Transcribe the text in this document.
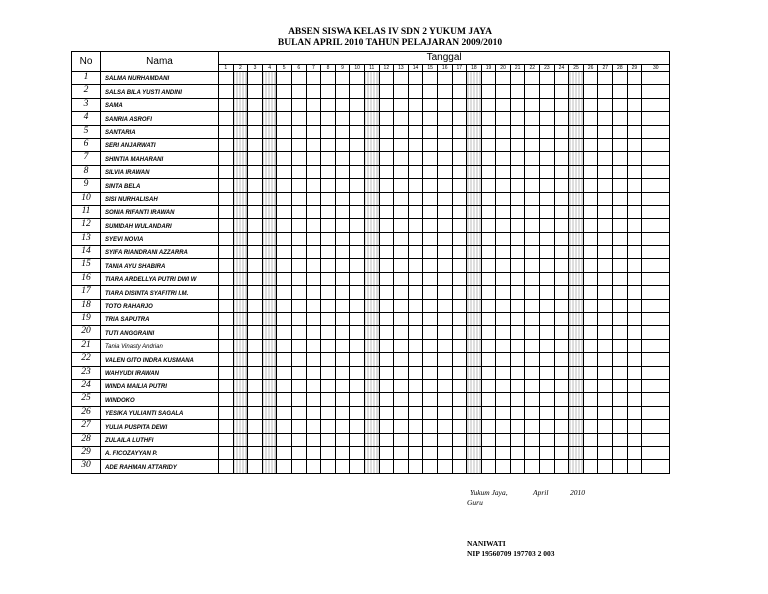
ABSEN SISWA KELAS IV SDN 2 YUKUM JAYA
BULAN APRIL 2010 TAHUN PELAJARAN 2009/2010
No	Nama	Tanggal																													
		1	2	3	4	5	6	7	8	9	10	11	12	13	14	15	16	17	18	19	20	21	22	23	24	25	26	27	28	29	30
1	SALMA NURHAMDANI																														
2	SALSA BILA YUSTI ANDINI																														
3	SAMA																														
4	SANRIA ASROFI																														
5	SANTARIA																														
6	SERI ANJARWATI																														
7	SHINTIA MAHARANI																														
8	SILVIA IRAWAN																														
9	SINTA BELA																														
10	SISI NURHALISAH																														
11	SONIA RIFANTI IRAWAN																														
12	SUMIDAH WULANDARI																														
13	SYEVI NOVIA																														
14	SYIFA RIANDRANI AZZARRA																														
15	TANIA AYU SHABIRA																														
16	TIARA ARDELLYA PUTRI DWI W																														
17	TIARA DISINTA SYAFITRI I.M.																														
18	TOTO RAHARJO																														
19	TRIA SAPUTRA																														
20	TUTI ANGGRAINI																														
21	Tania Vinasty Andrian																														
22	VALEN GITO INDRA KUSMANA																														
23	WAHYUDI IRAWAN																														
24	WINDA MAILIA PUTRI																														
25	WINDOKO																														
26	YESIKA YULIANTI SAGALA																														
27	YULIA PUSPITA DEWI																														
28	ZULAILA LUTHFI																														
29	A. FICOZAYYAN P.																														
30	ADE RAHMAN ATTARIDY																														
Yukum Jaya,	April	2010
Guru
NANIWATI
NIP 19560709 197703 2 003
